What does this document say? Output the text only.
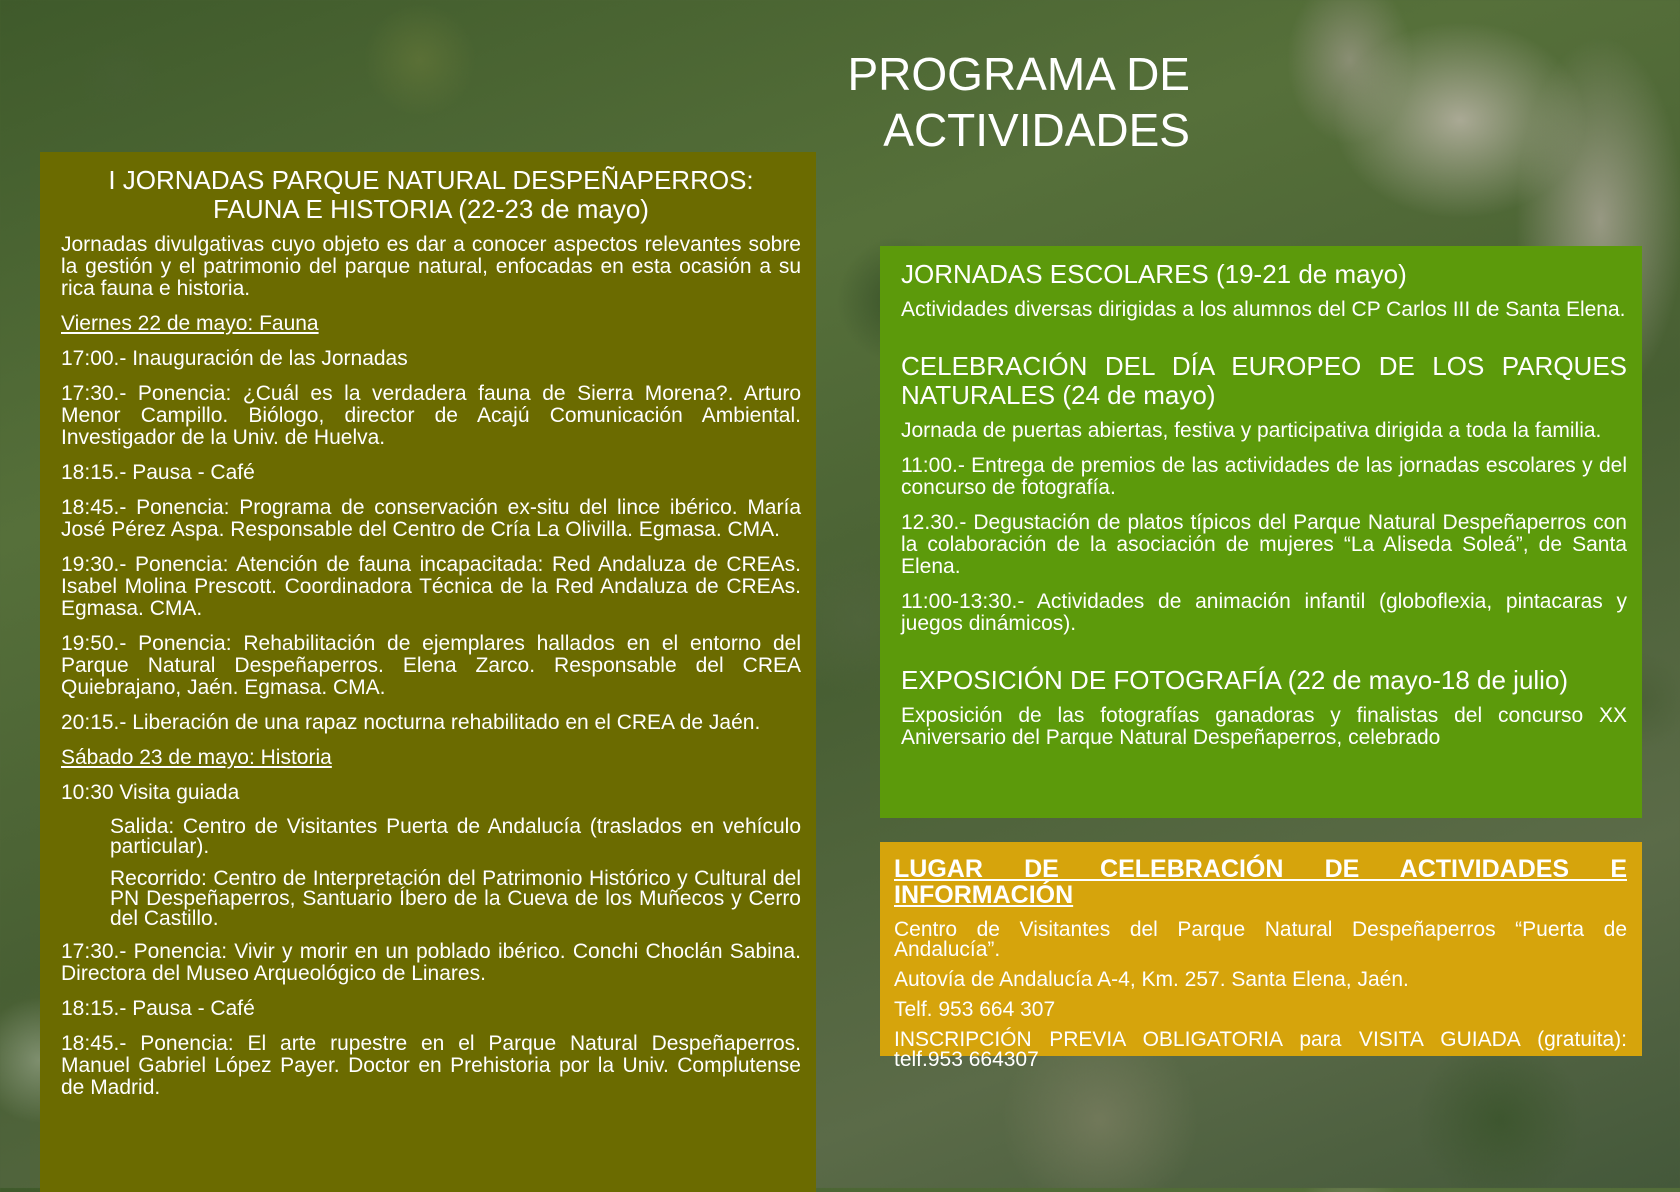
PROGRAMA DE
ACTIVIDADES
I JORNADAS PARQUE NATURAL DESPEÑAPERROS:
FAUNA E HISTORIA (22-23 de mayo)

Jornadas divulgativas cuyo objeto es dar a conocer aspectos relevantes sobre la gestión y el patrimonio del parque natural, enfocadas en esta ocasión a su rica fauna e historia.

Viernes 22 de mayo: Fauna

17:00.- Inauguración de las Jornadas

17:30.- Ponencia: ¿Cuál es la verdadera fauna de Sierra Morena?. Arturo Menor Campillo. Biólogo, director de Acajú Comunicación Ambiental. Investigador de la Univ. de Huelva.

18:15.- Pausa - Café

18:45.- Ponencia: Programa de conservación ex-situ del lince ibérico. María José Pérez Aspa. Responsable del Centro de Cría La Olivilla. Egmasa. CMA.

19:30.- Ponencia: Atención de fauna incapacitada: Red Andaluza de CREAs. Isabel Molina Prescott. Coordinadora Técnica de la Red Andaluza de CREAs. Egmasa. CMA.

19:50.- Ponencia: Rehabilitación de ejemplares hallados en el entorno del Parque Natural Despeñaperros. Elena Zarco. Responsable del CREA Quiebrajano, Jaén. Egmasa. CMA.

20:15.- Liberación de una rapaz nocturna rehabilitado en el CREA de Jaén.

Sábado 23 de mayo: Historia

10:30 Visita guiada

Salida: Centro de Visitantes Puerta de Andalucía (traslados en vehículo particular).

Recorrido: Centro de Interpretación del Patrimonio Histórico y Cultural del PN Despeñaperros, Santuario Íbero de la Cueva de los Muñecos y Cerro del Castillo.

17:30.- Ponencia: Vivir y morir en un poblado ibérico. Conchi Choclán Sabina. Directora del Museo Arqueológico de Linares.

18:15.- Pausa - Café

18:45.- Ponencia: El arte rupestre en el Parque Natural Despeñaperros. Manuel Gabriel López Payer. Doctor en Prehistoria por la Univ. Complutense de Madrid.

JORNADAS ESCOLARES (19-21 de mayo)

Actividades diversas dirigidas a los alumnos del CP Carlos III de Santa Elena.

CELEBRACIÓN DEL DÍA EUROPEO DE LOS PARQUES NATURALES (24 de mayo)

Jornada de puertas abiertas, festiva y participativa dirigida a toda la familia.

11:00.- Entrega de premios de las actividades de las jornadas escolares y del concurso de fotografía.

12.30.- Degustación de platos típicos del Parque Natural Despeñaperros con la colaboración de la asociación de mujeres “La Aliseda Soleá”, de Santa Elena.

11:00-13:30.- Actividades de animación infantil (globoflexia, pintacaras y juegos dinámicos).

EXPOSICIÓN DE FOTOGRAFÍA (22 de mayo-18 de julio)

Exposición de las fotografías ganadoras y finalistas del concurso XX Aniversario del Parque Natural Despeñaperros, celebrado

LUGAR DE CELEBRACIÓN DE ACTIVIDADES E INFORMACIÓN

Centro de Visitantes del Parque Natural Despeñaperros “Puerta de Andalucía”.

Autovía de Andalucía A-4, Km. 257. Santa Elena, Jaén.

Telf. 953 664 307

INSCRIPCIÓN PREVIA OBLIGATORIA para VISITA GUIADA (gratuita): telf.953 664307
